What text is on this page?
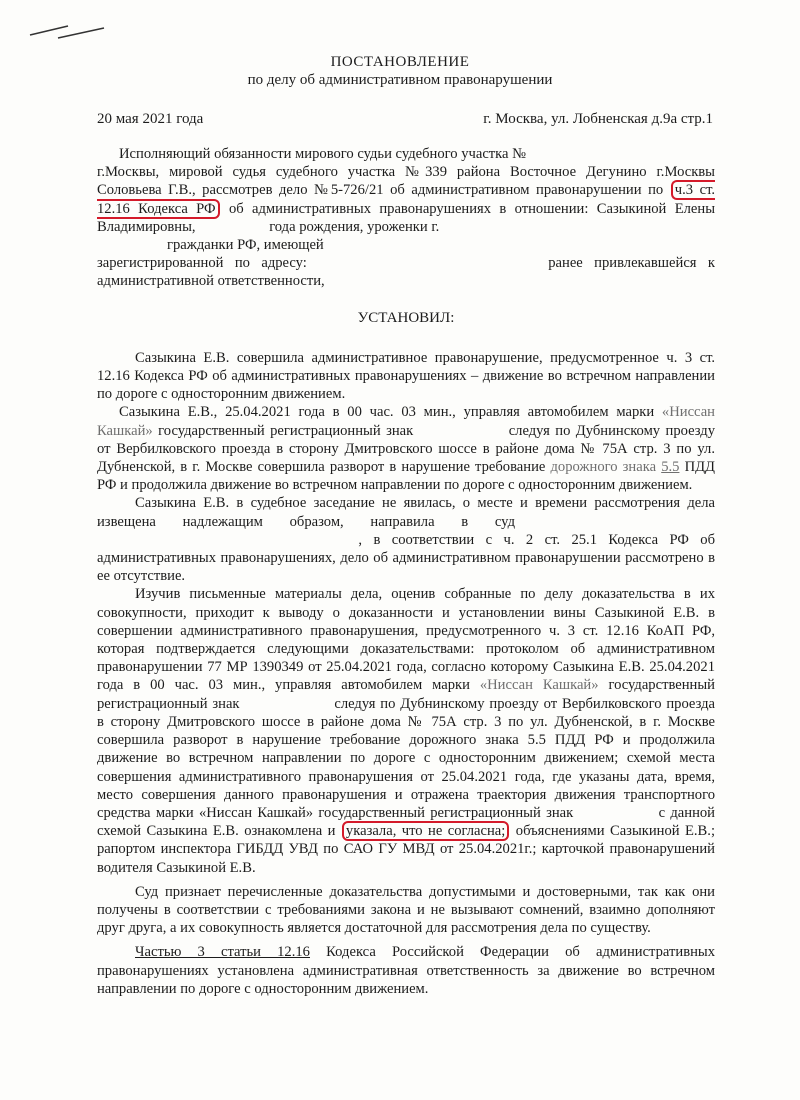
ПОСТАНОВЛЕНИЕ
по делу об административном правонарушении
20 мая 2021 года	г. Москва, ул. Лобненская д.9а стр.1

Исполняющий обязанности мирового судьи судебного участка №
г.Москвы, мировой судья судебного участка №339 района Восточное Дегунино г.Москвы Соловьева Г.В., рассмотрев дело №5-726/21 об административном правонарушении по ч.3 ст. 12.16 Кодекса РФ об административных правонарушениях в отношении: Сазыкиной Елены Владимировны,	года рождения, уроженки г.
гражданки РФ, имеющей
зарегистрированной по адресу:	ранее привлекавшейся к административной ответственности,

УСТАНОВИЛ:

Сазыкина Е.В. совершила административное правонарушение, предусмотренное ч. 3 ст. 12.16 Кодекса РФ об административных правонарушениях – движение во встречном направлении по дороге с односторонним движением.

Сазыкина Е.В., 25.04.2021 года в 00 час. 03 мин., управляя автомобилем марки «Ниссан Кашкай» государственный регистрационный знак	следуя по Дубнинскому проезду от Вербилковского проезда в сторону Дмитровского шоссе в районе дома № 75А стр. 3 по ул. Дубненской, в г. Москве совершила разворот в нарушение требование дорожного знака 5.5 ПДД РФ и продолжила движение во встречном направлении по дороге с односторонним движением.

Сазыкина Е.В. в судебное заседание не явилась, о месте и времени рассмотрения дела извещена надлежащим образом, направила в суд , в соответствии с ч. 2 ст. 25.1 Кодекса РФ об административных правонарушениях, дело об административном правонарушении рассмотрено в ее отсутствие.

Изучив письменные материалы дела, оценив собранные по делу доказательства в их совокупности, приходит к выводу о доказанности и установлении вины Сазыкиной Е.В. в совершении административного правонарушения, предусмотренного ч. 3 ст. 12.16 КоАП РФ, которая подтверждается следующими доказательствами: протоколом об административном правонарушении 77 МР 1390349 от 25.04.2021 года, согласно которому Сазыкина Е.В. 25.04.2021 года в 00 час. 03 мин., управляя автомобилем марки «Ниссан Кашкай» государственный регистрационный знак	следуя по Дубнинскому проезду от Вербилковского проезда в сторону Дмитровского шоссе в районе дома № 75А стр. 3 по ул. Дубненской, в г. Москве совершила разворот в нарушение требование дорожного знака 5.5 ПДД РФ и продолжила движение во встречном направлении по дороге с односторонним движением; схемой места совершения административного правонарушения от 25.04.2021 года, где указаны дата, время, место совершения данного правонарушения и отражена траектория движения транспортного средства марки «Ниссан Кашкай» государственный регистрационный знак	с данной схемой Сазыкина Е.В. ознакомлена и указала, что не согласна; объяснениями Сазыкиной Е.В.; рапортом инспектора ГИБДД УВД по САО ГУ МВД от 25.04.2021г.; карточкой правонарушений водителя Сазыкиной Е.В.

Суд признает перечисленные доказательства допустимыми и достоверными, так как они получены в соответствии с требованиями закона и не вызывают сомнений, взаимно дополняют друг друга, а их совокупность является достаточной для рассмотрения дела по существу.

Частью 3 статьи 12.16 Кодекса Российской Федерации об административных правонарушениях установлена административная ответственность за движение во встречном направлении по дороге с односторонним движением.
